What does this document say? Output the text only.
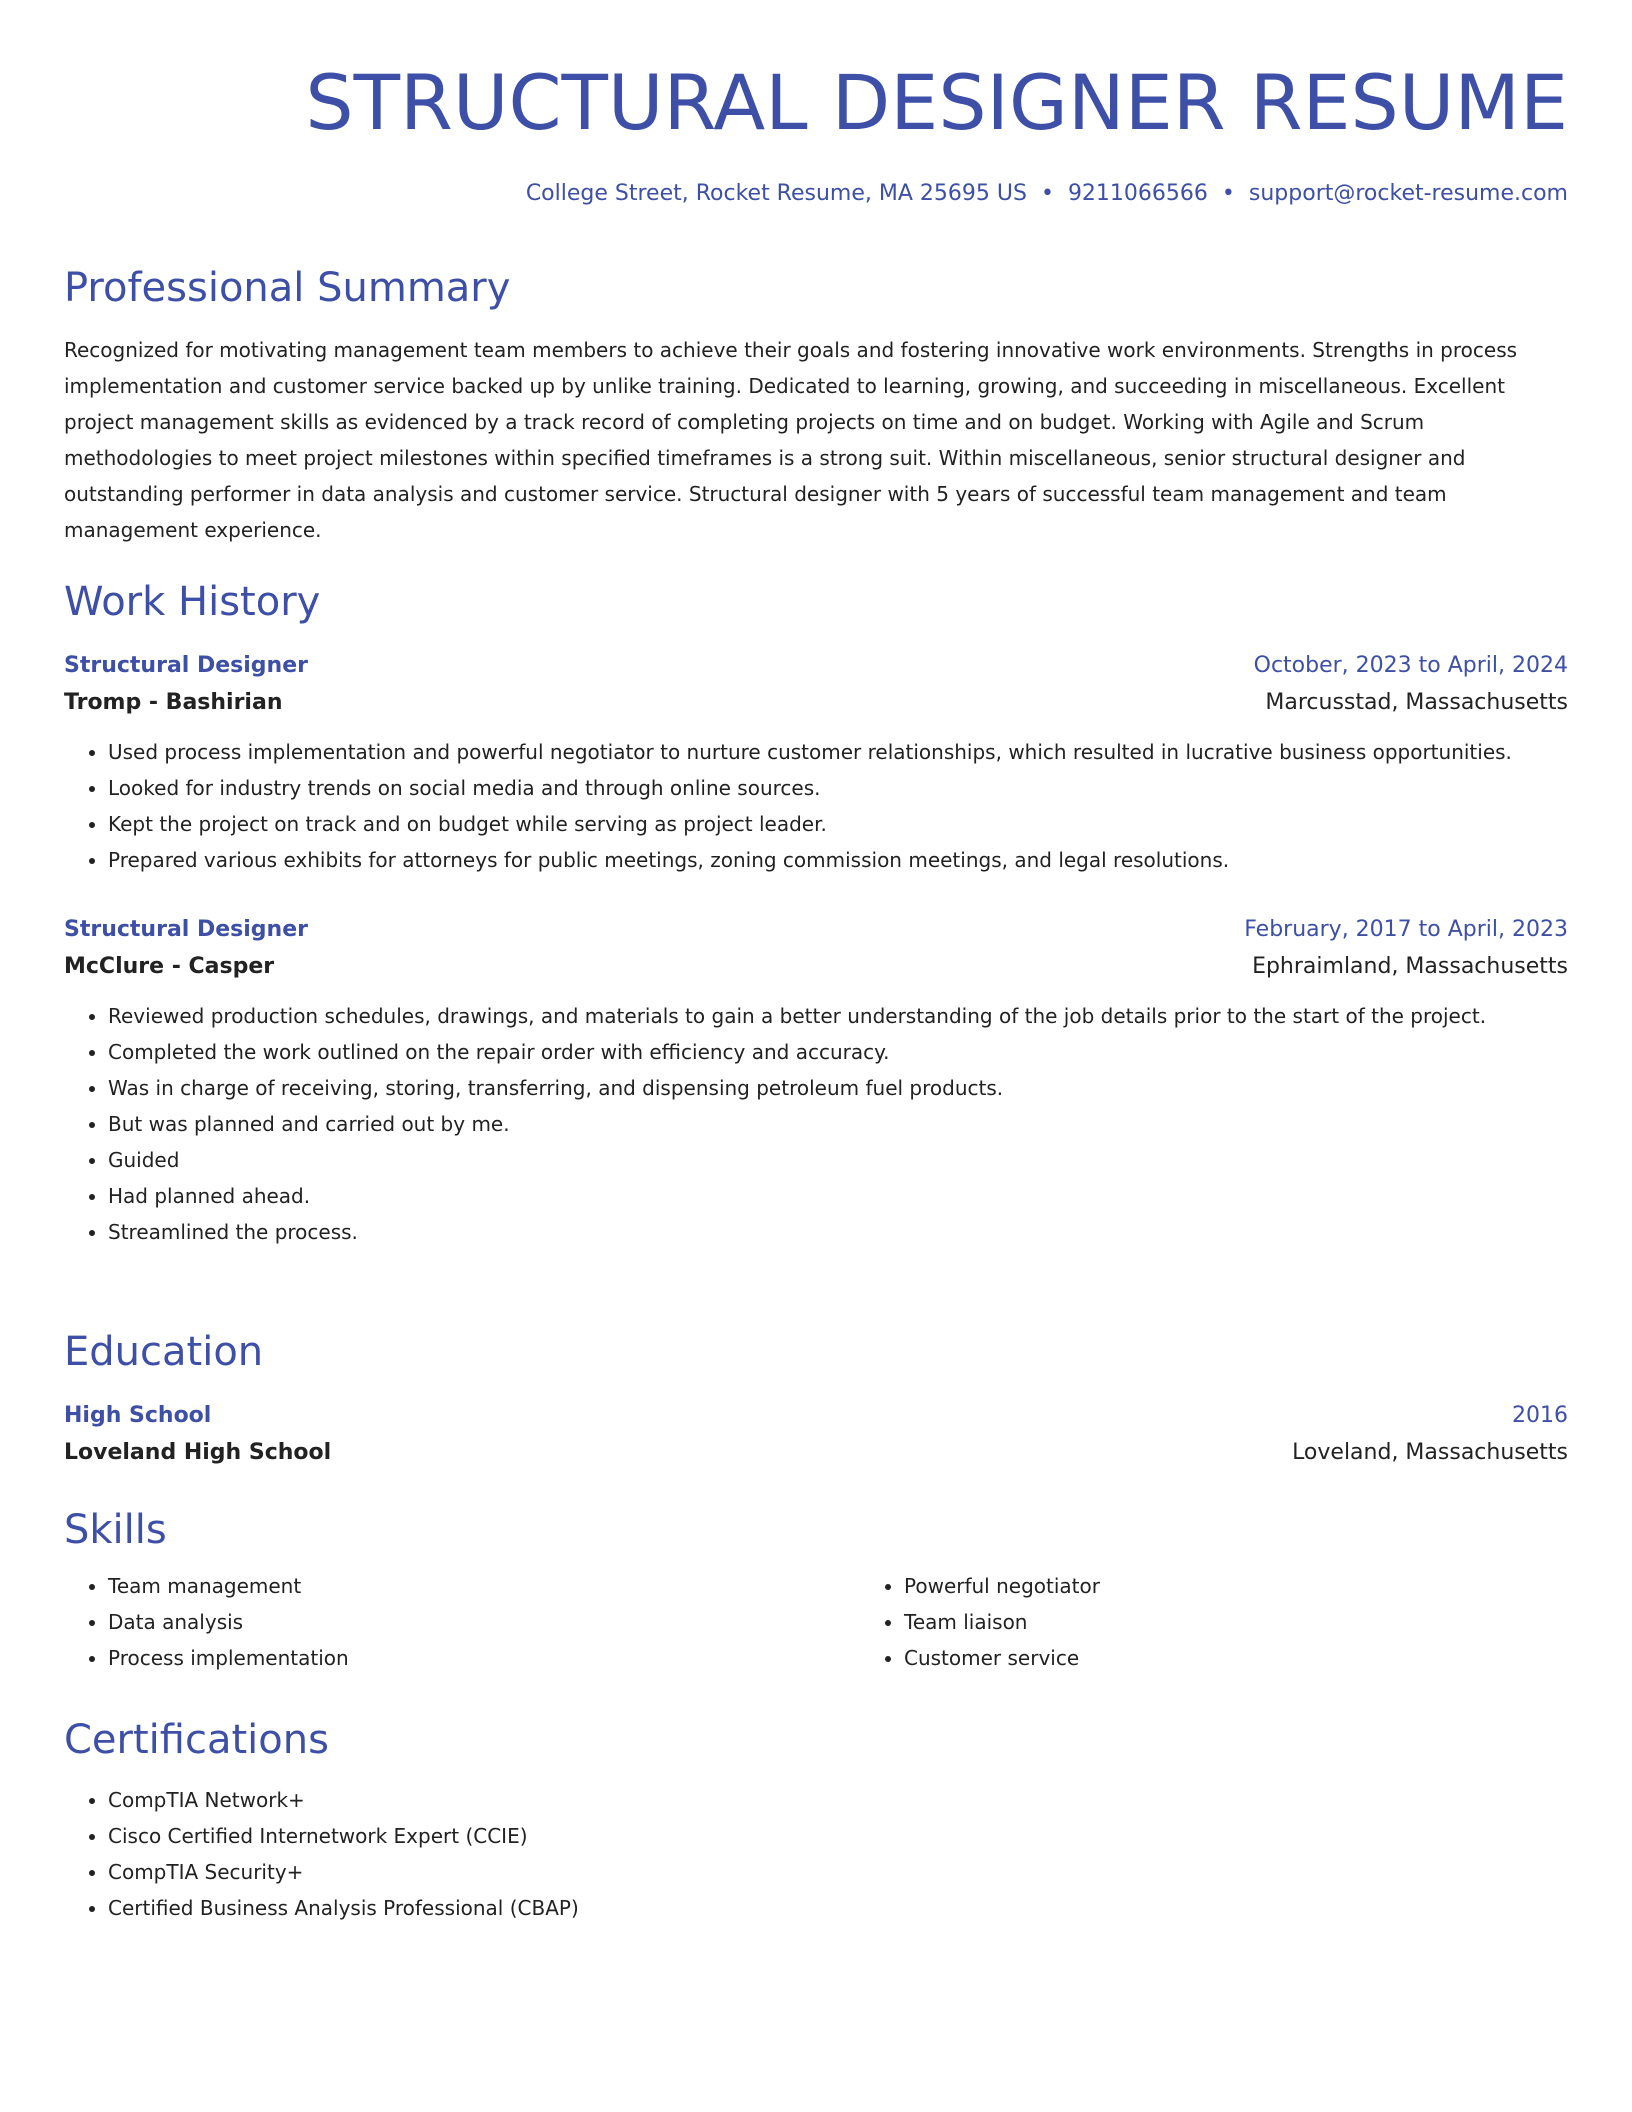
STRUCTURAL DESIGNER RESUME
College Street, Rocket Resume, MA 25695 US • 9211066566 • support@rocket-resume.com
Professional Summary

Recognized for motivating management team members to achieve their goals and fostering innovative work environments. Strengths in process implementation and customer service backed up by unlike training. Dedicated to learning, growing, and succeeding in miscellaneous. Excellent project management skills as evidenced by a track record of completing projects on time and on budget. Working with Agile and Scrum methodologies to meet project milestones within specified timeframes is a strong suit. Within miscellaneous, senior structural designer and outstanding performer in data analysis and customer service. Structural designer with 5 years of successful team management and team management experience.

Work History
Structural Designer	October, 2023 to April, 2024
Tromp - Bashirian	Marcusstad, Massachusetts
• Used process implementation and powerful negotiator to nurture customer relationships, which resulted in lucrative business opportunities.
• Looked for industry trends on social media and through online sources.
• Kept the project on track and on budget while serving as project leader.
• Prepared various exhibits for attorneys for public meetings, zoning commission meetings, and legal resolutions.
Structural Designer	February, 2017 to April, 2023
McClure - Casper	Ephraimland, Massachusetts
• Reviewed production schedules, drawings, and materials to gain a better understanding of the job details prior to the start of the project.
• Completed the work outlined on the repair order with efficiency and accuracy.
• Was in charge of receiving, storing, transferring, and dispensing petroleum fuel products.
• But was planned and carried out by me.
• Guided
• Had planned ahead.
• Streamlined the process.
Education
High School	2016
Loveland High School	Loveland, Massachusetts
Skills
• Team management
• Data analysis
• Process implementation
• Powerful negotiator
• Team liaison
• Customer service
Certifications
• CompTIA Network+
• Cisco Certified Internetwork Expert (CCIE)
• CompTIA Security+
• Certified Business Analysis Professional (CBAP)
